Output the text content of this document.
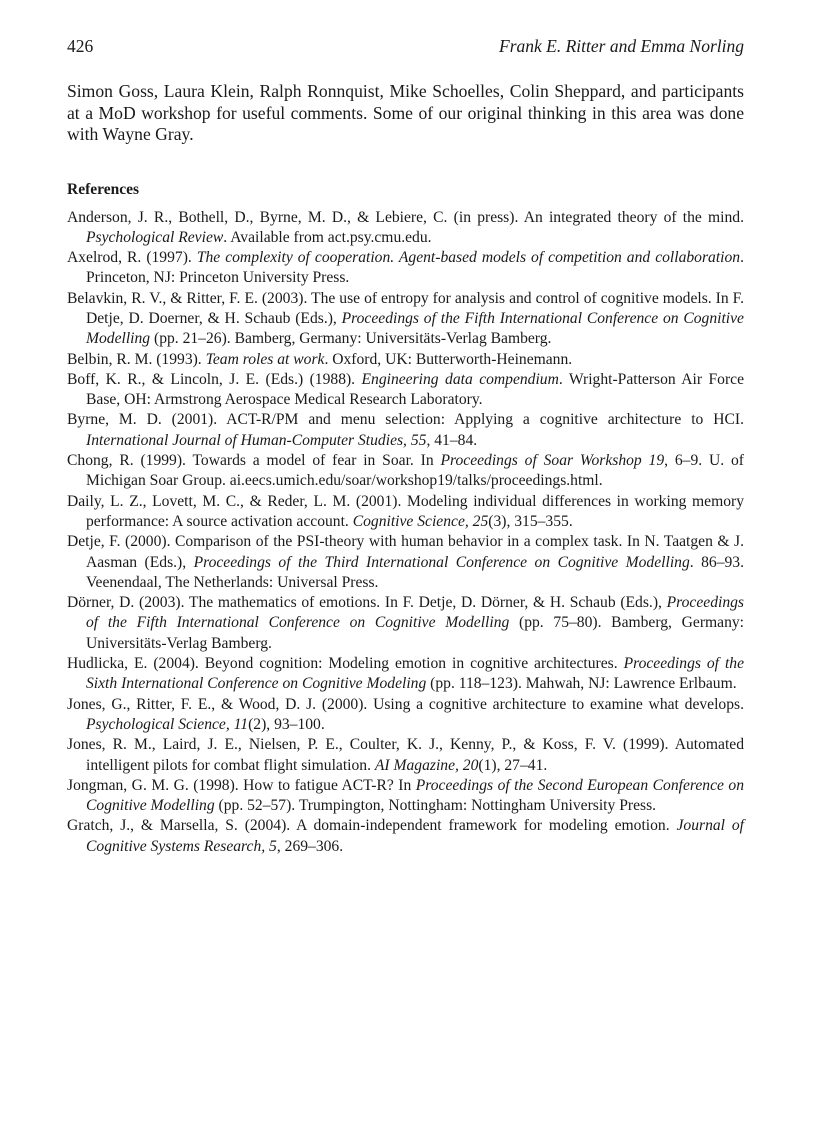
426	Frank E. Ritter and Emma Norling

Simon Goss, Laura Klein, Ralph Ronnquist, Mike Schoelles, Colin Sheppard, and participants at a MoD workshop for useful comments. Some of our original thinking in this area was done with Wayne Gray.

References
Anderson, J. R., Bothell, D., Byrne, M. D., & Lebiere, C. (in press). An integrated theory of the mind. Psychological Review. Available from act.psy.cmu.edu.
Axelrod, R. (1997). The complexity of cooperation. Agent-based models of competition and collaboration. Princeton, NJ: Princeton University Press.
Belavkin, R. V., & Ritter, F. E. (2003). The use of entropy for analysis and control of cognitive models. In F. Detje, D. Doerner, & H. Schaub (Eds.), Proceedings of the Fifth International Conference on Cognitive Modelling (pp. 21–26). Bamberg, Germany: Universitäts-Verlag Bamberg.
Belbin, R. M. (1993). Team roles at work. Oxford, UK: Butterworth-Heinemann.
Boff, K. R., & Lincoln, J. E. (Eds.) (1988). Engineering data compendium. Wright-Patterson Air Force Base, OH: Armstrong Aerospace Medical Research Laboratory.
Byrne, M. D. (2001). ACT-R/PM and menu selection: Applying a cognitive architecture to HCI. International Journal of Human-Computer Studies, 55, 41–84.
Chong, R. (1999). Towards a model of fear in Soar. In Proceedings of Soar Workshop 19, 6–9. U. of Michigan Soar Group. ai.eecs.umich.edu/soar/workshop19/talks/proceedings.html.
Daily, L. Z., Lovett, M. C., & Reder, L. M. (2001). Modeling individual differences in working memory performance: A source activation account. Cognitive Science, 25(3), 315–355.
Detje, F. (2000). Comparison of the PSI-theory with human behavior in a complex task. In N. Taatgen & J. Aasman (Eds.), Proceedings of the Third International Conference on Cognitive Modelling. 86–93. Veenendaal, The Netherlands: Universal Press.
Dörner, D. (2003). The mathematics of emotions. In F. Detje, D. Dörner, & H. Schaub (Eds.), Proceedings of the Fifth International Conference on Cognitive Modelling (pp. 75–80). Bamberg, Germany: Universitäts-Verlag Bamberg.
Hudlicka, E. (2004). Beyond cognition: Modeling emotion in cognitive architectures. Proceedings of the Sixth International Conference on Cognitive Modeling (pp. 118–123). Mahwah, NJ: Lawrence Erlbaum.
Jones, G., Ritter, F. E., & Wood, D. J. (2000). Using a cognitive architecture to examine what develops. Psychological Science, 11(2), 93–100.
Jones, R. M., Laird, J. E., Nielsen, P. E., Coulter, K. J., Kenny, P., & Koss, F. V. (1999). Automated intelligent pilots for combat flight simulation. AI Magazine, 20(1), 27–41.
Jongman, G. M. G. (1998). How to fatigue ACT-R? In Proceedings of the Second European Conference on Cognitive Modelling (pp. 52–57). Trumpington, Nottingham: Nottingham University Press.
Gratch, J., & Marsella, S. (2004). A domain-independent framework for modeling emotion. Journal of Cognitive Systems Research, 5, 269–306.
